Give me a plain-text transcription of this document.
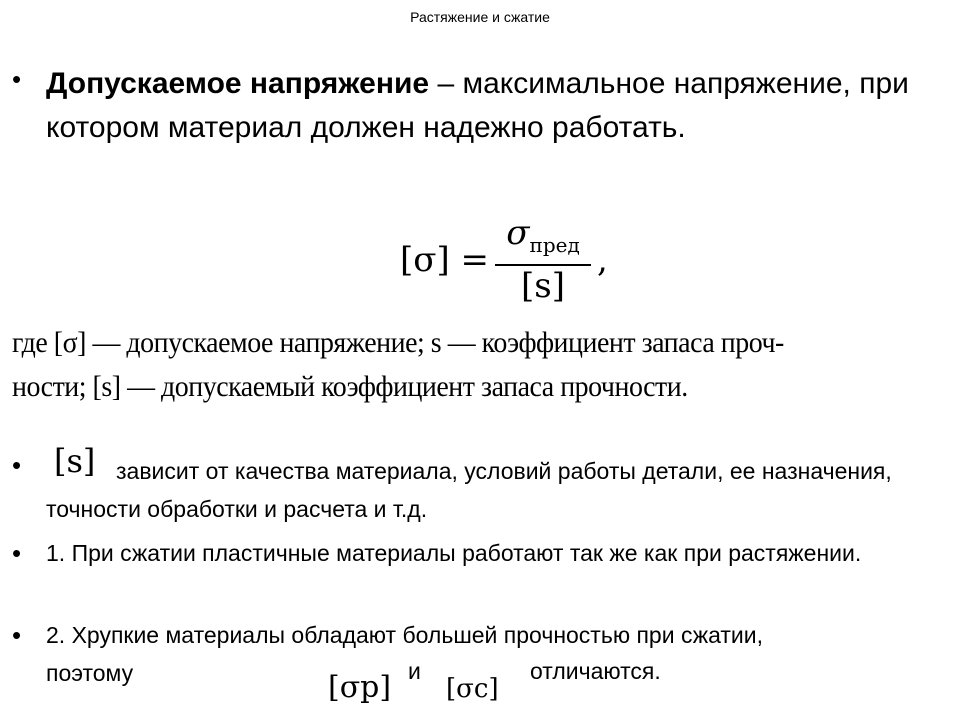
Растяжение и сжатие
• Допускаемое напряжение – максимальное напряжение, при котором материал должен надежно работать.
$[\sigma] = \frac{\sigma_{пред}}{[s]}$ ,
где [σ] — допускаемое напряжение; s — коэффициент запаса проч-
ности; [s] — допускаемый коэффициент запаса прочности.
• [s] зависит от качества материала, условий работы детали, ее назначения, точности обработки и расчета и т.д.
• 1. При сжатии пластичные материалы работают так же как при растяжении.
• 2. Хрупкие материалы обладают большей прочностью при сжатии, поэтому	[σр] и
[σс]
отличаются.
